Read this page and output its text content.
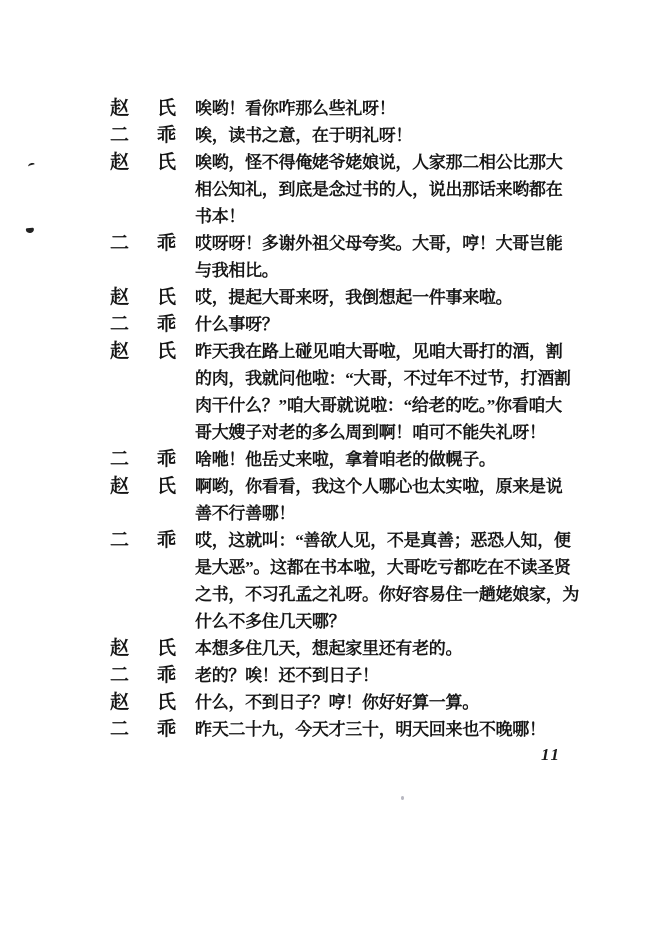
赵 氏 唉哟！看你咋那么些礼呀！
二 乖 唉，读书之意，在于明礼呀！
赵 氏 唉哟，怪不得俺姥爷姥娘说，人家那二相公比那大
相公知礼，到底是念过书的人，说出那话来哟都在
书本！
二 乖 哎呀呀！多谢外祖父母夸奖。大哥，哼！大哥岂能
与我相比。
赵 氏 哎，提起大哥来呀，我倒想起一件事来啦。
二 乖 什么事呀？
赵 氏 昨天我在路上碰见咱大哥啦，见咱大哥打的酒，割
的肉，我就问他啦：“大哥，不过年不过节，打酒割
肉干什么？”咱大哥就说啦：“给老的吃。”你看咱大
哥大嫂子对老的多么周到啊！咱可不能失礼呀！
二 乖 啥咃！他岳丈来啦，拿着咱老的做幌子。
赵 氏 啊哟，你看看，我这个人哪心也太实啦，原来是说
善不行善哪！
二 乖 哎，这就叫：“善欲人见，不是真善；恶恐人知，便
是大恶”。这都在书本啦，大哥吃亏都吃在不读圣贤
之书，不习孔孟之礼呀。你好容易住一趟姥娘家，为
什么不多住几天哪？
赵 氏 本想多住几天，想起家里还有老的。
二 乖 老的？唉！还不到日子！
赵 氏 什么，不到日子？哼！你好好算一算。
二 乖 昨天二十九，今天才三十，明天回来也不晚哪！
11
